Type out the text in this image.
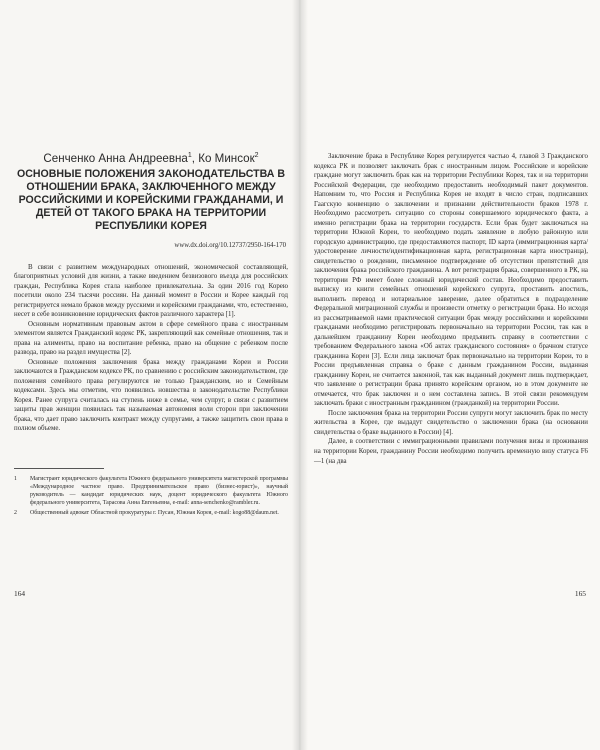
Сенченко Анна Андреевна$^1$, Ко Минсок$^2$
ОСНОВНЫЕ ПОЛОЖЕНИЯ ЗАКОНОДАТЕЛЬСТВА В ОТНОШЕНИИ БРАКА, ЗАКЛЮЧЕННОГО МЕЖДУ РОССИЙСКИМИ И КОРЕЙСКИМИ ГРАЖДАНАМИ, И ДЕТЕЙ ОТ ТАКОГО БРАКА НА ТЕРРИТОРИИ РЕСПУБЛИКИ КОРЕЯ
www.dx.doi.org/10.12737/2950-164-170

В связи с развитием международных отношений, экономической составляющей, благоприятных условий для жизни, а также введением безвизового въезда для российских граждан, Республика Корея стала наиболее привлекательна. За один 2016 год Корею посетили около 234 тысячи россиян. На данный момент в России и Корее каждый год регистрируется немало браков между русскими и корейскими гражданами, что, естественно, несет в себе возникновение юридических фактов различного характера [1].

Основным нормативным правовым актом в сфере семейного права с иностранным элементом является Гражданский кодекс РК, закрепляющий как семейные отношения, так и права на алименты, право на воспитание ребенка, право на общение с ребенком после развода, право на раздел имущества [2].

Основные положения заключения брака между гражданами Кореи и России заключаются в Гражданском кодексе РК, по сравнению с российским законодательством, где положения семейного права регулируются не только Гражданским, но и Семейным кодексами. Здесь мы отметим, что появились новшества в законодательстве Республики Корея. Ранее супруга считалась на ступень ниже в семье, чем супруг, в связи с развитием защиты прав женщин появилась так называемая автономия воли сторон при заключении брака, что дает право заключить контракт между супругами, а также защитить свои права в полном объеме.

1	Магистрант юридического факультета Южного федерального университета магистерской программы «Международное частное право. Предпринимательское право (бизнес-юрист)», научный руководитель — кандидат юридических наук, доцент юридического факультета Южного федерального университета, Тарасова Анна Евгеньевна, e-mail: anna-senchenko@rambler.ru.
2	Общественный адвокат Областной прокуратуры г. Пусан, Южная Корея, e-mail: kogo88@daum.net.
164

Заключение брака в Республике Корея регулируется частью 4, главой 3 Гражданского кодекса РК и позволяет заключать брак с иностранным лицом. Российские и корейские граждане могут заключить брак как на территории Республики Корея, так и на территории Российской Федерации, где необходимо предоставить необходимый пакет документов. Напомним то, что Россия и Республика Корея не входят в число стран, подписавших Гаагскую конвенцию о заключении и признании действительности браков 1978 г. Необходимо рассмотреть ситуацию со стороны совершаемого юридического факта, а именно регистрации брака на территории государств. Если брак будет заключаться на территории Южной Кореи, то необходимо подать заявление в любую районную или городскую администрацию, где предоставляются паспорт, ID карта (иммиграционная карта/удостоверение личности/идентификационная карта, регистрационная карта иностранца), свидетельство о рождении, письменное подтверждение об отсутствии препятствий для заключения брака российского гражданина. А вот регистрация брака, совершенного в РК, на территории РФ имеет более сложный юридический состав. Необходимо предоставить выписку из книги семейных отношений корейского супруга, проставить апостиль, выполнить перевод и нотариальное заверение, далее обратиться в подразделение Федеральной миграционной службы и произвести отметку о регистрации брака. Но исходя из рассматриваемой нами практической ситуации брак между российскими и корейскими гражданами необходимо регистрировать первоначально на территории России, так как в дальнейшем гражданину Кореи необходимо предъявить справку в соответствии с требованием Федерального закона «Об актах гражданского состояния» о брачном статусе гражданина Кореи [3]. Если лица заключат брак первоначально на территории Кореи, то в России предъявленная справка о браке с данным гражданином России, выданная гражданину Кореи, не считается законной, так как выданный документ лишь подтверждает, что заявление о регистрации брака принято корейским органом, но в этом документе не отмечается, что брак заключен и о нем составлена запись. В этой связи рекомендуем заключать браки с иностранным гражданином (гражданкой) на территории России.

После заключения брака на территории России супруги могут заключить брак по месту жительства в Корее, где выдадут свидетельство о заключении брака (на основании свидетельства о браке выданного в России) [4].

Далее, в соответствии с иммиграционными правилами получения визы и проживания на территории Кореи, гражданину России необходимо получить временную визу статуса F6—1 (на два

165
